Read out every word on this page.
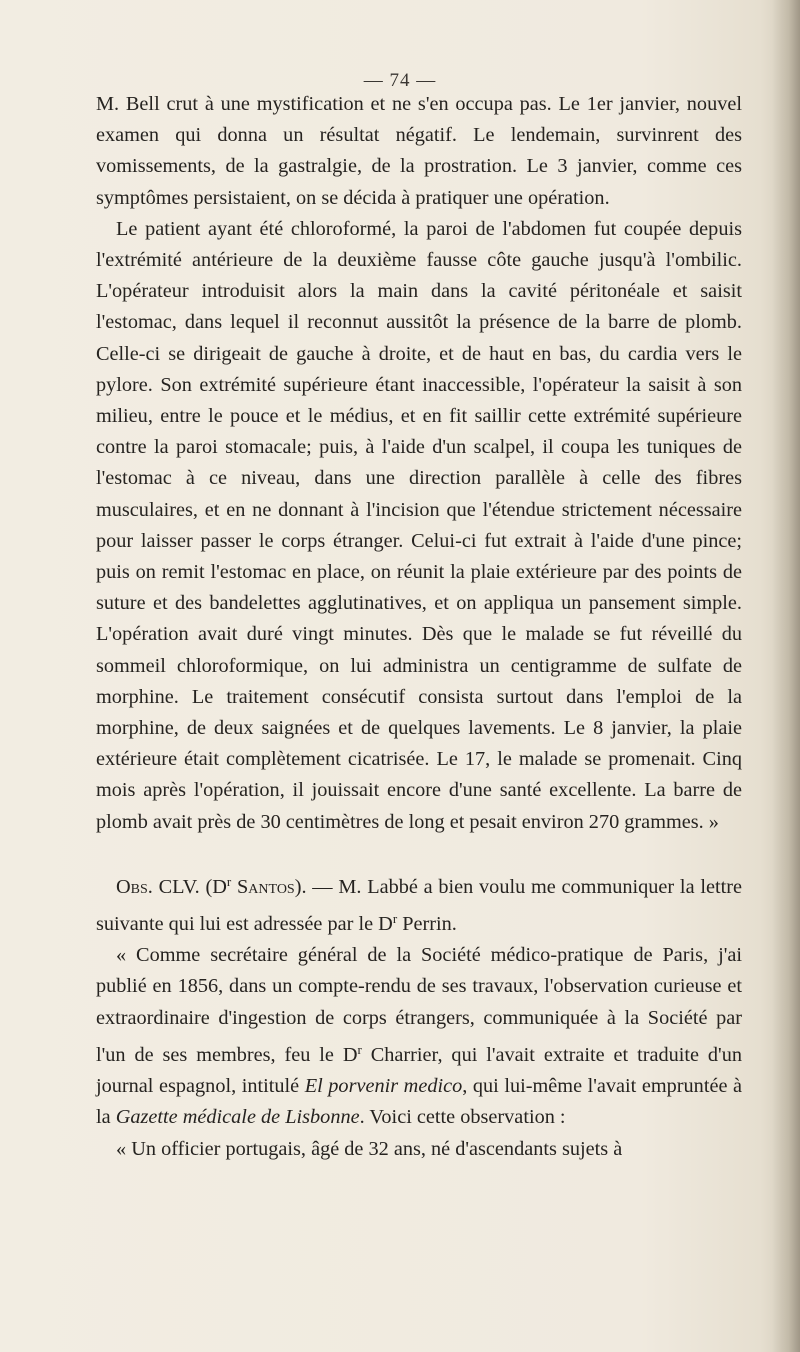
— 74 —

M. Bell crut à une mystification et ne s'en occupa pas. Le 1er janvier, nouvel examen qui donna un résultat négatif. Le lendemain, survinrent des vomissements, de la gastralgie, de la prostration. Le 3 janvier, comme ces symptômes persistaient, on se décida à pratiquer une opération.

Le patient ayant été chloroformé, la paroi de l'abdomen fut coupée depuis l'extrémité antérieure de la deuxième fausse côte gauche jusqu'à l'ombilic. L'opérateur introduisit alors la main dans la cavité péritonéale et saisit l'estomac, dans lequel il reconnut aussitôt la présence de la barre de plomb. Celle-ci se dirigeait de gauche à droite, et de haut en bas, du cardia vers le pylore. Son extrémité supérieure étant inaccessible, l'opérateur la saisit à son milieu, entre le pouce et le médius, et en fit saillir cette extrémité supérieure contre la paroi stomacale; puis, à l'aide d'un scalpel, il coupa les tuniques de l'estomac à ce niveau, dans une direction parallèle à celle des fibres musculaires, et en ne donnant à l'incision que l'étendue strictement nécessaire pour laisser passer le corps étranger. Celui-ci fut extrait à l'aide d'une pince; puis on remit l'estomac en place, on réunit la plaie extérieure par des points de suture et des bandelettes agglutinatives, et on appliqua un pansement simple. L'opération avait duré vingt minutes. Dès que le malade se fut réveillé du sommeil chloroformique, on lui administra un centigramme de sulfate de morphine. Le traitement consécutif consista surtout dans l'emploi de la morphine, de deux saignées et de quelques lavements. Le 8 janvier, la plaie extérieure était complètement cicatrisée. Le 17, le malade se promenait. Cinq mois après l'opération, il jouissait encore d'une santé excellente. La barre de plomb avait près de 30 centimètres de long et pesait environ 270 grammes. »

Obs. CLV. ($D^r$ Santos). — M. Labbé a bien voulu me communiquer la lettre suivante qui lui est adressée par le $D^r$ Perrin.

« Comme secrétaire général de la Société médico-pratique de Paris, j'ai publié en 1856, dans un compte-rendu de ses travaux, l'observation curieuse et extraordinaire d'ingestion de corps étrangers, communiquée à la Société par l'un de ses membres, feu le $D^r$ Charrier, qui l'avait extraite et traduite d'un journal espagnol, intitulé El porvenir medico, qui lui-même l'avait empruntée à la Gazette médicale de Lisbonne. Voici cette observation :

« Un officier portugais, âgé de 32 ans, né d'ascendants sujets à
